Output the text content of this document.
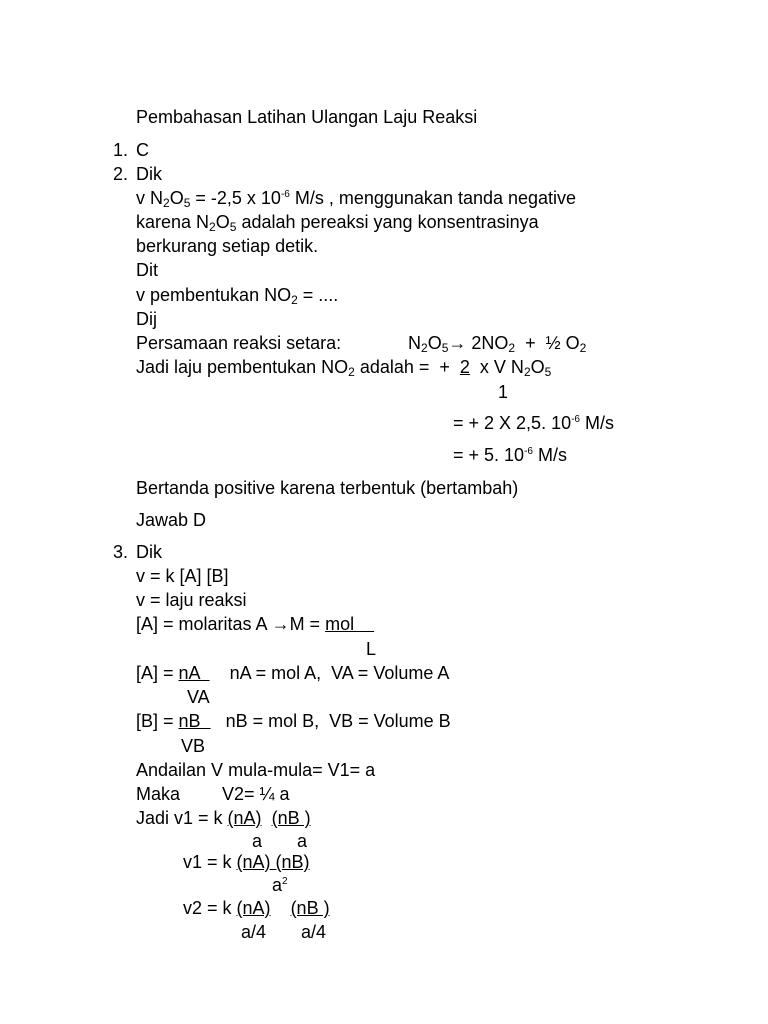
Pembahasan Latihan Ulangan Laju Reaksi
1. C
2. Dik
v $N_2O_5 = -2,5$ x $10^{-6}$ M/s , menggunakan tanda negative
karena $N_2O_5$ adalah pereaksi yang konsentrasinya
berkurang setiap detik.
Dit
v pembentukan $NO_2$ = ....
Dij
Persamaan reaksi setara:	$N_2O_5\to 2NO_2$  +  ½ $O_2$
Jadi laju pembentukan $NO_2$ adalah =  +  2  x V $N_2O_5$
1
= + 2 X 2,5. $10^{-6}$ M/s
= + 5. $10^{-6}$ M/s
Bertanda positive karena terbentuk (bertambah)
Jawab D
3. Dik
v = k [A] [B]
v = laju reaksi
[A] = molaritas A →M = mol
L
[A] = nA      nA = mol A,  VA = Volume A
VA
[B] = nB     nB = mol B,  VB = Volume B
VB
Andailan V mula-mula= V1= a
Maka V2= ¼ a
Jadi v1 = k (nA) (nB )
a a
v1 = k (nA) (nB)
$a^2$
v2 = k (nA) (nB )
a/4 a/4
